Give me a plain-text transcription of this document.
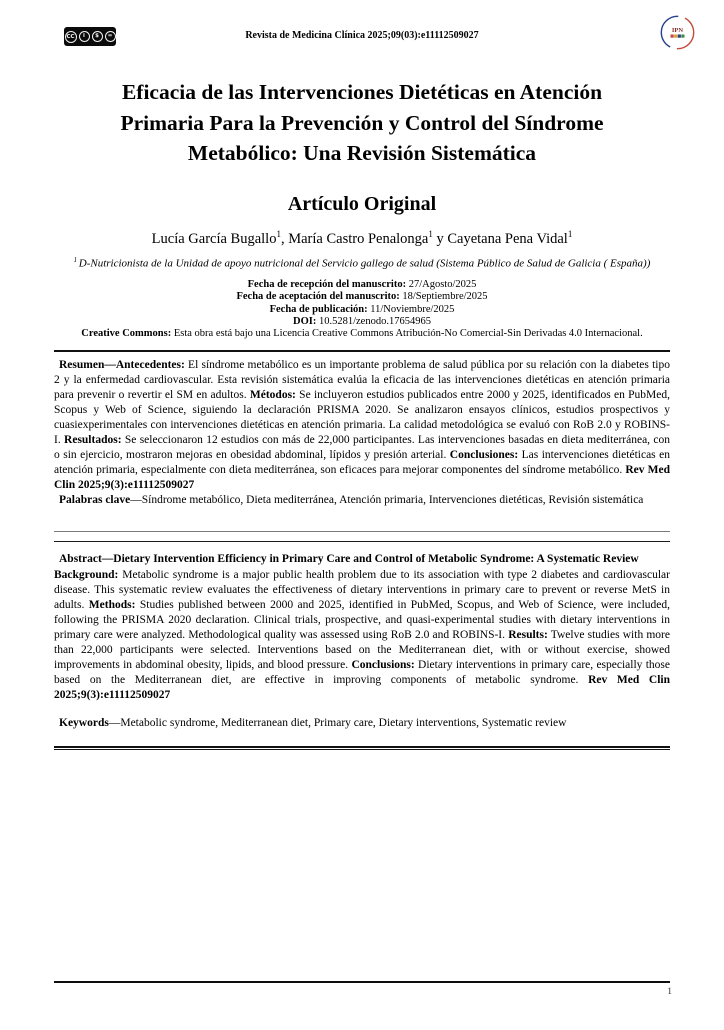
CC	i	$	=	Revista de Medicina Clínica 2025;09(03):e11112509027	IPN
Eficacia de las Intervenciones Dietéticas en Atención Primaria Para la Prevención y Control del Síndrome Metabólico: Una Revisión Sistemática
Artículo Original
Lucía García Bugallo$^1$, María Castro Penalonga$^1$ y Cayetana Pena Vidal$^1$
$^1$ D-Nutricionista de la Unidad de apoyo nutricional del Servicio gallego de salud (Sistema Público de Salud de Galicia ( España))
Fecha de recepción del manuscrito: 27/Agosto/2025
Fecha de aceptación del manuscrito: 18/Septiembre/2025
Fecha de publicación: 11/Noviembre/2025
DOI: 10.5281/zenodo.17654965
Creative Commons: Esta obra está bajo una Licencia Creative Commons Atribución-No Comercial-Sin Derivadas 4.0 Internacional.

Resumen—Antecedentes: El síndrome metabólico es un importante problema de salud pública por su relación con la diabetes tipo 2 y la enfermedad cardiovascular. Esta revisión sistemática evalúa la eficacia de las intervenciones dietéticas en atención primaria para prevenir o revertir el SM en adultos. Métodos: Se incluyeron estudios publicados entre 2000 y 2025, identificados en PubMed, Scopus y Web of Science, siguiendo la declaración PRISMA 2020. Se analizaron ensayos clínicos, estudios prospectivos y cuasiexperimentales con intervenciones dietéticas en atención primaria. La calidad metodológica se evaluó con RoB 2.0 y ROBINS-I. Resultados: Se seleccionaron 12 estudios con más de 22,000 participantes. Las intervenciones basadas en dieta mediterránea, con o sin ejercicio, mostraron mejoras en obesidad abdominal, lípidos y presión arterial. Conclusiones: Las intervenciones dietéticas en atención primaria, especialmente con dieta mediterránea, son eficaces para mejorar componentes del síndrome metabólico. Rev Med Clin 2025;9(3):e11112509027

Palabras clave—Síndrome metabólico, Dieta mediterránea, Atención primaria, Intervenciones dietéticas, Revisión sistemática

Abstract—Dietary Intervention Efficiency in Primary Care and Control of Metabolic Syndrome: A Systematic Review

Background: Metabolic syndrome is a major public health problem due to its association with type 2 diabetes and cardiovascular disease. This systematic review evaluates the effectiveness of dietary interventions in primary care to prevent or reverse MetS in adults. Methods: Studies published between 2000 and 2025, identified in PubMed, Scopus, and Web of Science, were included, following the PRISMA 2020 declaration. Clinical trials, prospective, and quasi-experimental studies with dietary interventions in primary care were analyzed. Methodological quality was assessed using RoB 2.0 and ROBINS-I. Results: Twelve studies with more than 22,000 participants were selected. Interventions based on the Mediterranean diet, with or without exercise, showed improvements in abdominal obesity, lipids, and blood pressure. Conclusions: Dietary interventions in primary care, especially those based on the Mediterranean diet, are effective in improving components of metabolic syndrome. Rev Med Clin 2025;9(3):e11112509027

Keywords—Metabolic syndrome, Mediterranean diet, Primary care, Dietary interventions, Systematic review

1
